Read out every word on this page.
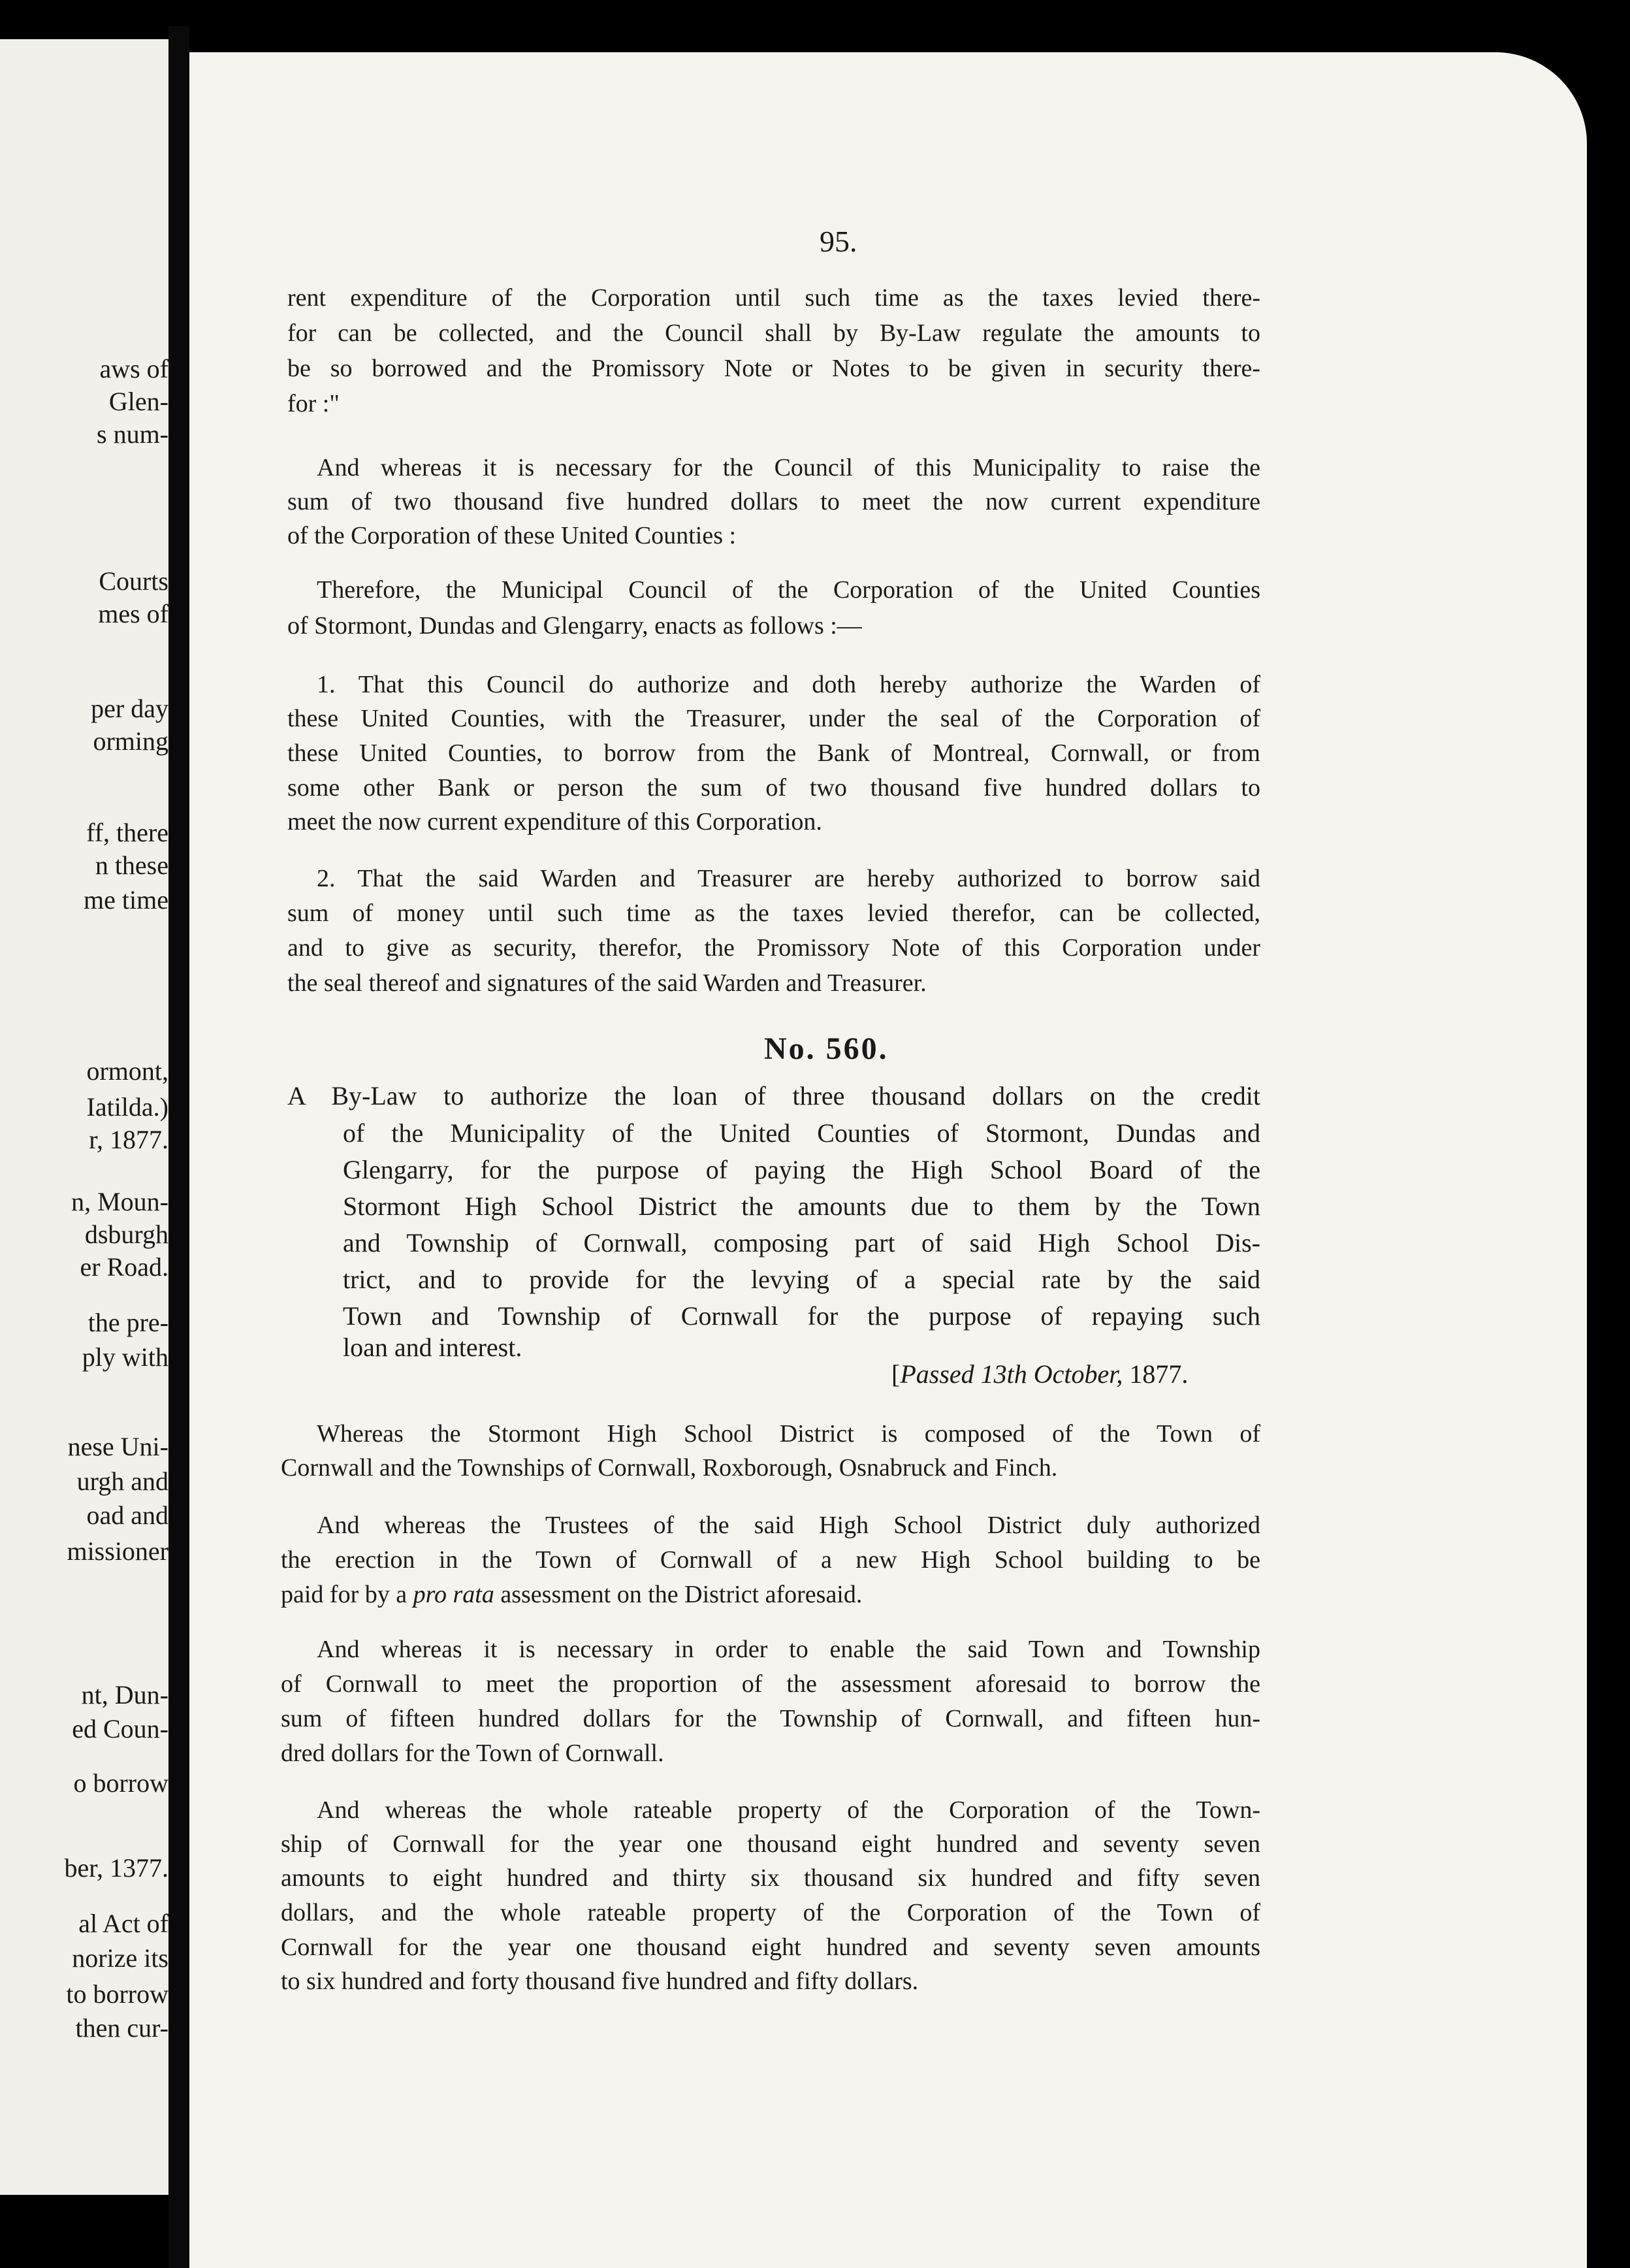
aws of
Glen-
s num-
Courts
mes of
per day
orming
ff, there
n these
me time
ormont,
Iatilda.)
r, 1877.
n, Moun-
dsburgh
er Road.
the pre-
ply with
nese Uni-
urgh and
oad and
missioner
nt, Dun-
ed Coun-
o borrow
ber, 1377.
al Act of
norize its
to borrow
then cur-
95.
rent expenditure of the Corporation until such time as the taxes levied there-
for can be collected, and the Council shall by By-Law regulate the amounts to
be so borrowed and the Promissory Note or Notes to be given in security there-
for :"
And whereas it is necessary for the Council of this Municipality to raise the
sum of two thousand five hundred dollars to meet the now current expenditure
of the Corporation of these United Counties :
Therefore, the Municipal Council of the Corporation of the United Counties
of Stormont, Dundas and Glengarry, enacts as follows :—
1. That this Council do authorize and doth hereby authorize the Warden of
these United Counties, with the Treasurer, under the seal of the Corporation of
these United Counties, to borrow from the Bank of Montreal, Cornwall, or from
some other Bank or person the sum of two thousand five hundred dollars to
meet the now current expenditure of this Corporation.
2. That the said Warden and Treasurer are hereby authorized to borrow said
sum of money until such time as the taxes levied therefor, can be collected,
and to give as security, therefor, the Promissory Note of this Corporation under
the seal thereof and signatures of the said Warden and Treasurer.
No. 560.
A By-Law to authorize the loan of three thousand dollars on the credit
of the Municipality of the United Counties of Stormont, Dundas and
Glengarry, for the purpose of paying the High School Board of the
Stormont High School District the amounts due to them by the Town
and Township of Cornwall, composing part of said High School Dis-
trict, and to provide for the levying of a special rate by the said
Town and Township of Cornwall for the purpose of repaying such
loan and interest.
[Passed 13th October, 1877.
Whereas the Stormont High School District is composed of the Town of
Cornwall and the Townships of Cornwall, Roxborough, Osnabruck and Finch.
And whereas the Trustees of the said High School District duly authorized
the erection in the Town of Cornwall of a new High School building to be
paid for by a pro rata assessment on the District aforesaid.
And whereas it is necessary in order to enable the said Town and Township
of Cornwall to meet the proportion of the assessment aforesaid to borrow the
sum of fifteen hundred dollars for the Township of Cornwall, and fifteen hun-
dred dollars for the Town of Cornwall.
And whereas the whole rateable property of the Corporation of the Town-
ship of Cornwall for the year one thousand eight hundred and seventy seven
amounts to eight hundred and thirty six thousand six hundred and fifty seven
dollars, and the whole rateable property of the Corporation of the Town of
Cornwall for the year one thousand eight hundred and seventy seven amounts
to six hundred and forty thousand five hundred and fifty dollars.
